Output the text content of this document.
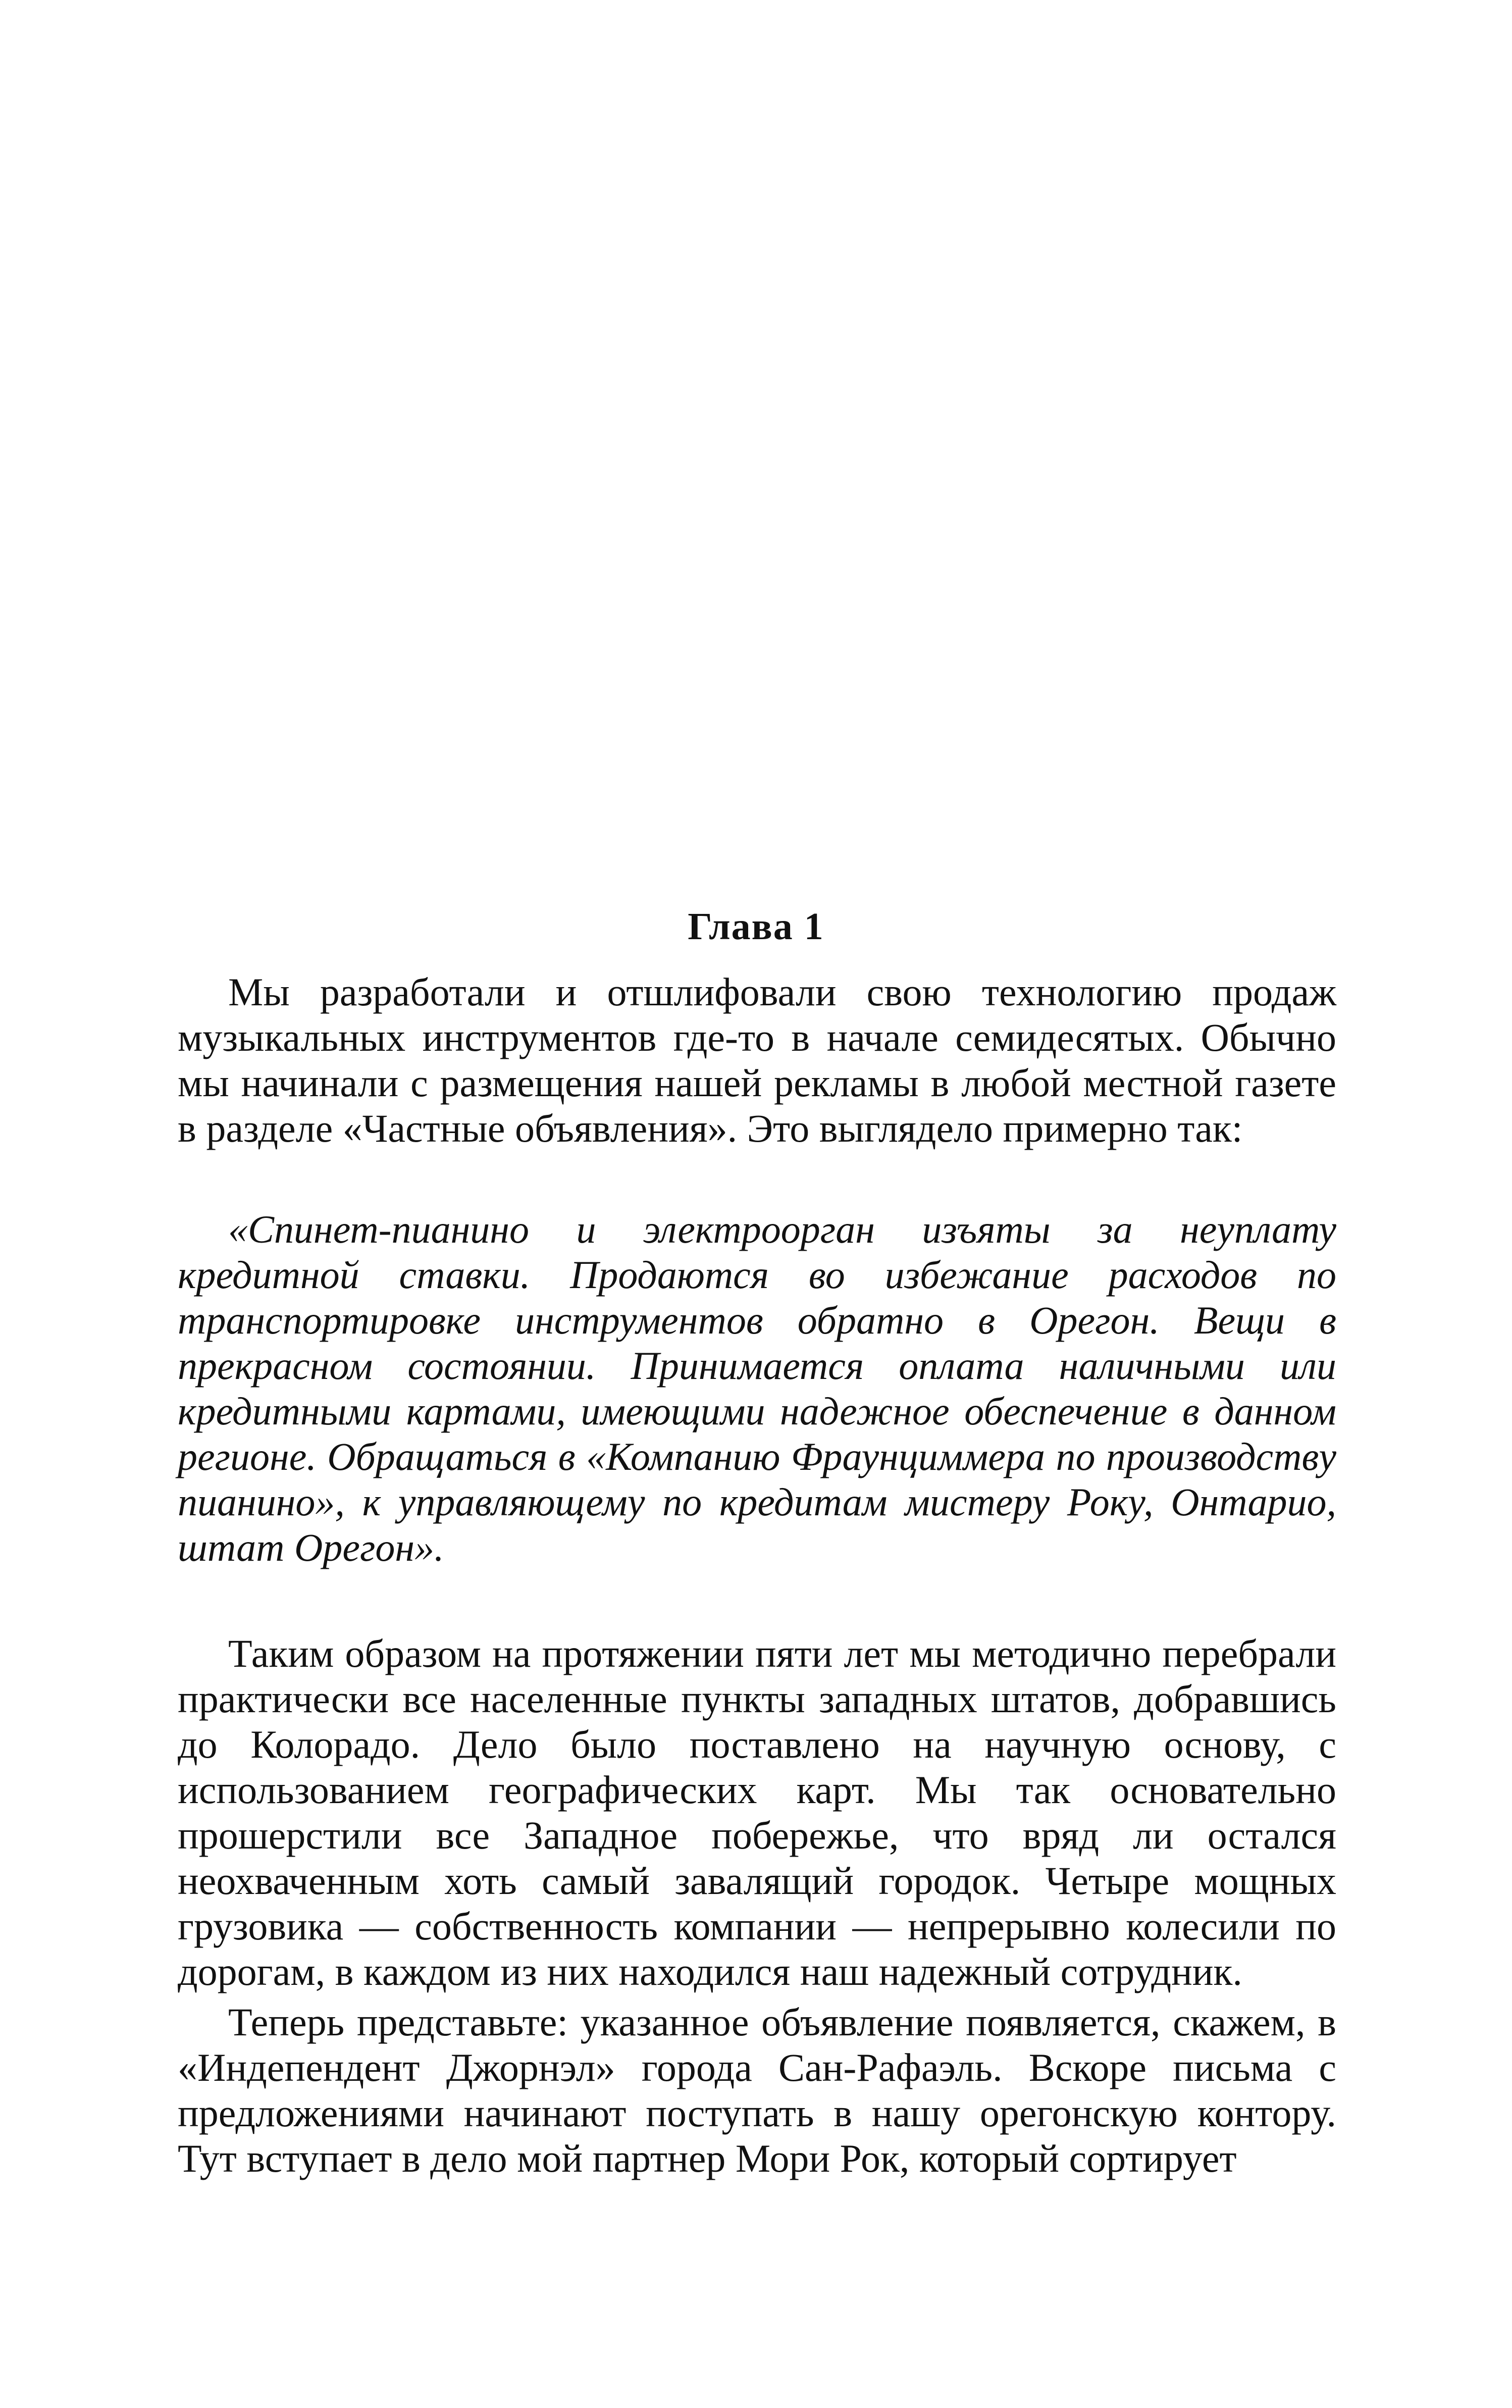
Глава 1

Мы разработали и отшлифовали свою технологию продаж музыкальных инструментов где-то в начале семидесятых. Обычно мы начинали с размещения нашей рекламы в любой местной газете в разделе «Частные объявления». Это выглядело примерно так:

«Спинет-пианино и электроорган изъяты за неуплату кредитной ставки. Продаются во избежание расходов по транспортировке инструментов обратно в Орегон. Вещи в прекрасном состоянии. Принимается оплата наличными или кредитными картами, имеющими надежное обеспечение в данном регионе. Обращаться в «Компанию Фраунциммера по производству пианино», к управляющему по кредитам мистеру Року, Онтарио, штат Орегон».

Таким образом на протяжении пяти лет мы методично перебрали практически все населенные пункты западных штатов, добравшись до Колорадо. Дело было поставлено на научную основу, с использованием географических карт. Мы так основательно прошерстили все Западное побережье, что вряд ли остался неохваченным хоть самый завалящий городок. Четыре мощных грузовика — собственность компании — непрерывно колесили по дорогам, в каждом из них находился наш надежный сотрудник.

Теперь представьте: указанное объявление появляется, скажем, в «Индепендент Джорнэл» города Сан-Рафаэль. Вскоре письма с предложениями начинают поступать в нашу орегонскую контору. Тут вступает в дело мой партнер Мори Рок, который сортирует
